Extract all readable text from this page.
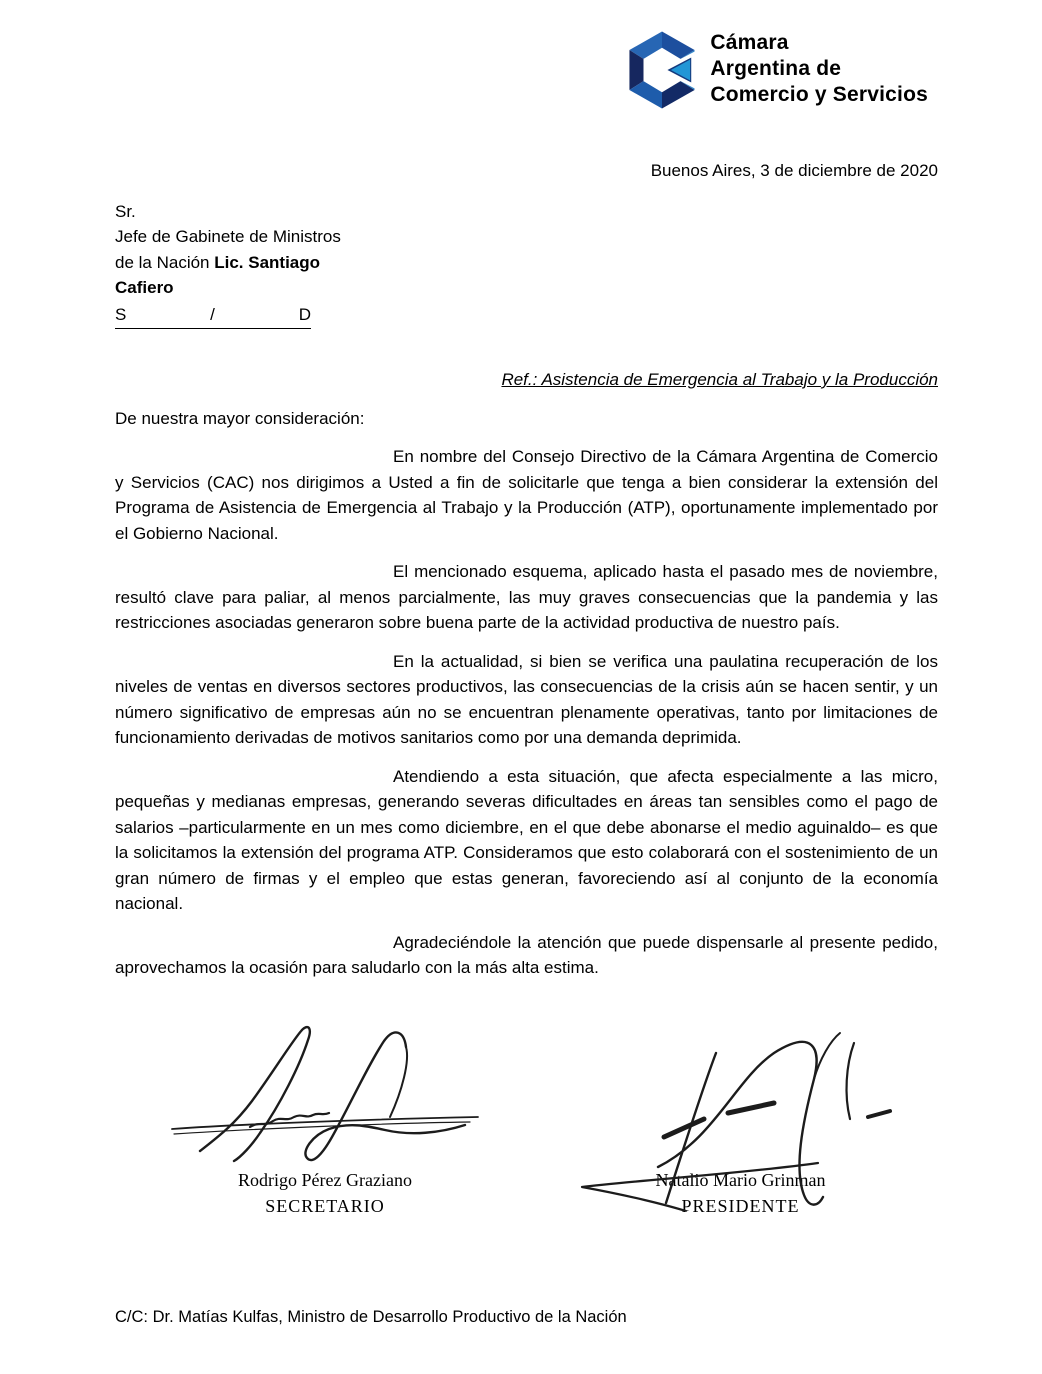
Cámara
Argentina de
Comercio y Servicios
Buenos Aires, 3 de diciembre de 2020
Sr.
Jefe de Gabinete de Ministros
de la Nación Lic. Santiago
Cafiero
S	/	D
Ref.: Asistencia de Emergencia al Trabajo y la Producción
De nuestra mayor consideración:

En nombre del Consejo Directivo de la Cámara Argentina de Comercio y Servicios (CAC) nos dirigimos a Usted a fin de solicitarle que tenga a bien considerar la extensión del Programa de Asistencia de Emergencia al Trabajo y la Producción (ATP), oportunamente implementado por el Gobierno Nacional.

El mencionado esquema, aplicado hasta el pasado mes de noviembre, resultó clave para paliar, al menos parcialmente, las muy graves consecuencias que la pandemia y las restricciones asociadas generaron sobre buena parte de la actividad productiva de nuestro país.

En la actualidad, si bien se verifica una paulatina recuperación de los niveles de ventas en diversos sectores productivos, las consecuencias de la crisis aún se hacen sentir, y un número significativo de empresas aún no se encuentran plenamente operativas, tanto por limitaciones de funcionamiento derivadas de motivos sanitarios como por una demanda deprimida.

Atendiendo a esta situación, que afecta especialmente a las micro, pequeñas y medianas empresas, generando severas dificultades en áreas tan sensibles como el pago de salarios –particularmente en un mes como diciembre, en el que debe abonarse el medio aguinaldo– es que la solicitamos la extensión del programa ATP. Consideramos que esto colaborará con el sostenimiento de un gran número de firmas y el empleo que estas generan, favoreciendo así al conjunto de la economía nacional.

Agradeciéndole la atención que puede dispensarle al presente pedido, aprovechamos la ocasión para saludarlo con la más alta estima.

Rodrigo Pérez Graziano
SECRETARIO
Natalio Mario Grinman
PRESIDENTE
C/C: Dr. Matías Kulfas, Ministro de Desarrollo Productivo de la Nación
